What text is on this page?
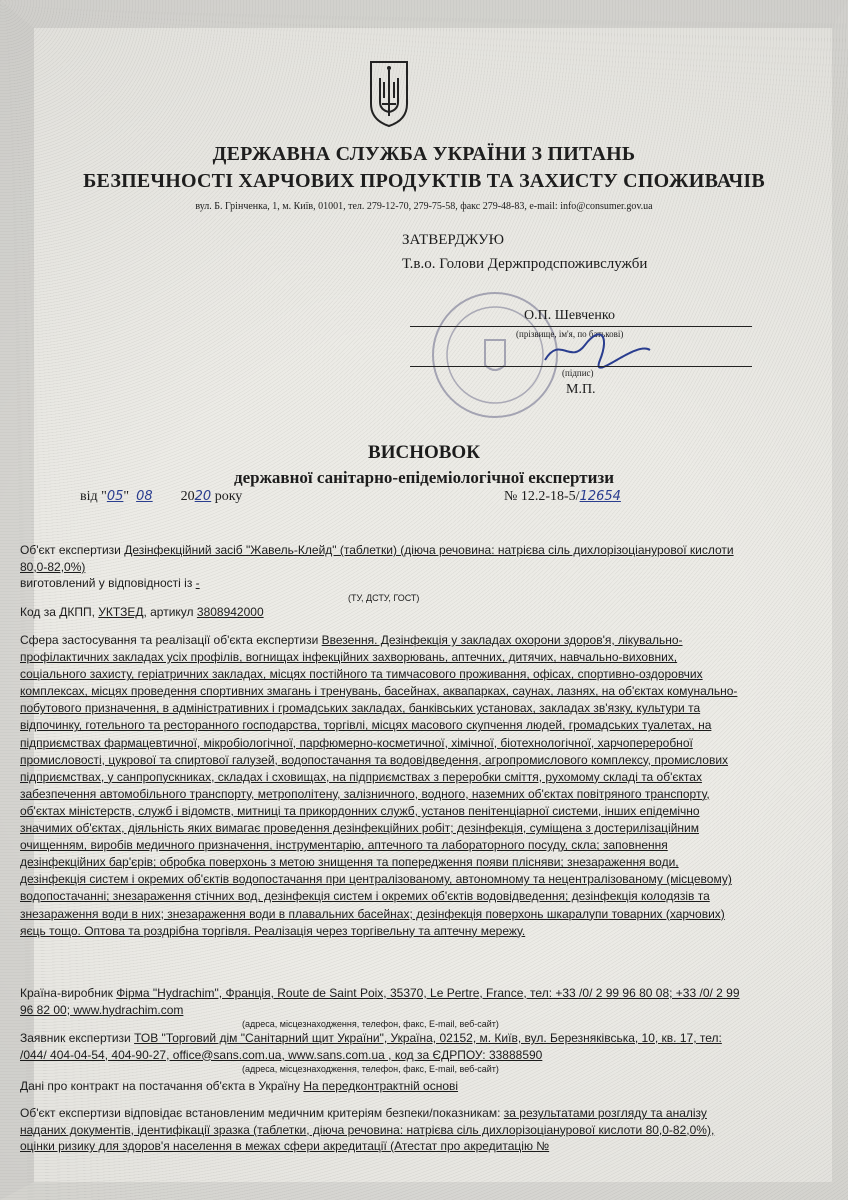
ДЕРЖАВНА СЛУЖБА УКРАЇНИ З ПИТАНЬ
БЕЗПЕЧНОСТІ ХАРЧОВИХ ПРОДУКТІВ ТА ЗАХИСТУ СПОЖИВАЧІВ
вул. Б. Грінченка, 1, м. Київ, 01001, тел. 279-12-70, 279-75-58, факс 279-48-83, e-mail: info@consumer.gov.ua
ЗАТВЕРДЖУЮ
Т.в.о. Голови Держпродспоживслужби
О.П. Шевченко
(прізвище, ім'я, по батькові)
(підпис)
М.П.
ВИСНОВОК
державної санітарно-епідеміологічної експертизи
від "05" 08 2020 року	№ 12.2-18-5/12654
Об'єкт експертизи Дезінфекційний засіб "Жавель-Клейд" (таблетки) (діюча речовина: натрієва сіль дихлорізоціанурової кислоти 80,0-82,0%)
виготовлений у відповідності із -
(ТУ, ДСТУ, ГОСТ)
Код за ДКПП, УКТЗЕД, артикул 3808942000
Сфера застосування та реалізації об'єкта експертизи Ввезення. Дезінфекція у закладах охорони здоров'я, лікувально-профілактичних закладах усіх профілів, вогнищах інфекційних захворювань, аптечних, дитячих, навчально-виховних, соціального захисту, геріатричних закладах, місцях постійного та тимчасового проживання, офісах, спортивно-оздоровчих комплексах, місцях проведення спортивних змагань і тренувань, басейнах, аквапарках, саунах, лазнях, на об'єктах комунально-побутового призначення, в адміністративних і громадських закладах, банківських установах, закладах зв'язку, культури та відпочинку, готельного та ресторанного господарства, торгівлі, місцях масового скупчення людей, громадських туалетах, на підприємствах фармацевтичної, мікробіологічної, парфюмерно-косметичної, хімічної, біотехнологічної, харчопереробної промисловості, цукрової та спиртової галузей, водопостачання та водовідведення, агропромислового комплексу, промислових підприємствах, у санпропускниках, складах і сховищах, на підприємствах з переробки сміття, рухомому складі та об'єктах забезпечення автомобільного транспорту, метрополітену, залізничного, водного, наземних об'єктах повітряного транспорту, об'єктах міністерств, служб і відомств, митниці та прикордонних служб, установ пенітенціарної системи, інших епідемічно значимих об'єктах, діяльність яких вимагає проведення дезінфекційних робіт; дезінфекція, суміщена з достерилізаційним очищенням, виробів медичного призначення, інструментарію, аптечного та лабораторного посуду, скла; заповнення дезінфекційних бар'єрів; обробка поверхонь з метою знищення та попередження появи плісняви; знезараження води, дезінфекція систем і окремих об'єктів водопостачання при централізованому, автономному та нецентралізованому (місцевому) водопостачанні; знезараження стічних вод, дезінфекція систем і окремих об'єктів водовідведення; дезінфекція колодязів та знезараження води в них; знезараження води в плавальних басейнах; дезінфекція поверхонь шкаралупи товарних (харчових) яєць тощо. Оптова та роздрібна торгівля. Реалізація через торгівельну та аптечну мережу.
Країна-виробник Фірма "Hydrachim", Франція, Route de Saint Poix, 35370, Le Pertre, France, тел: +33 /0/ 2 99 96 80 08; +33 /0/ 2 99 96 82 00; www.hydrachim.com
(адреса, місцезнаходження, телефон, факс, E-mail, веб-сайт)
Заявник експертизи ТОВ "Торговий дім "Санітарний щит України", Україна, 02152, м. Київ, вул. Березняківська, 10, кв. 17, тел: /044/ 404-04-54, 404-90-27, office@sans.com.ua, www.sans.com.ua , код за ЄДРПОУ: 33888590
(адреса, місцезнаходження, телефон, факс, E-mail, веб-сайт)
Дані про контракт на постачання об'єкта в Україну На передконтрактній основі
Об'єкт експертизи відповідає встановленим медичним критеріям безпеки/показникам: за результатами розгляду та аналізу наданих документів, ідентифікації зразка (таблетки, діюча речовина: натрієва сіль дихлорізоціанурової кислоти 80,0-82,0%), оцінки ризику для здоров'я населення в межах сфери акредитації (Атестат про акредитацію №
